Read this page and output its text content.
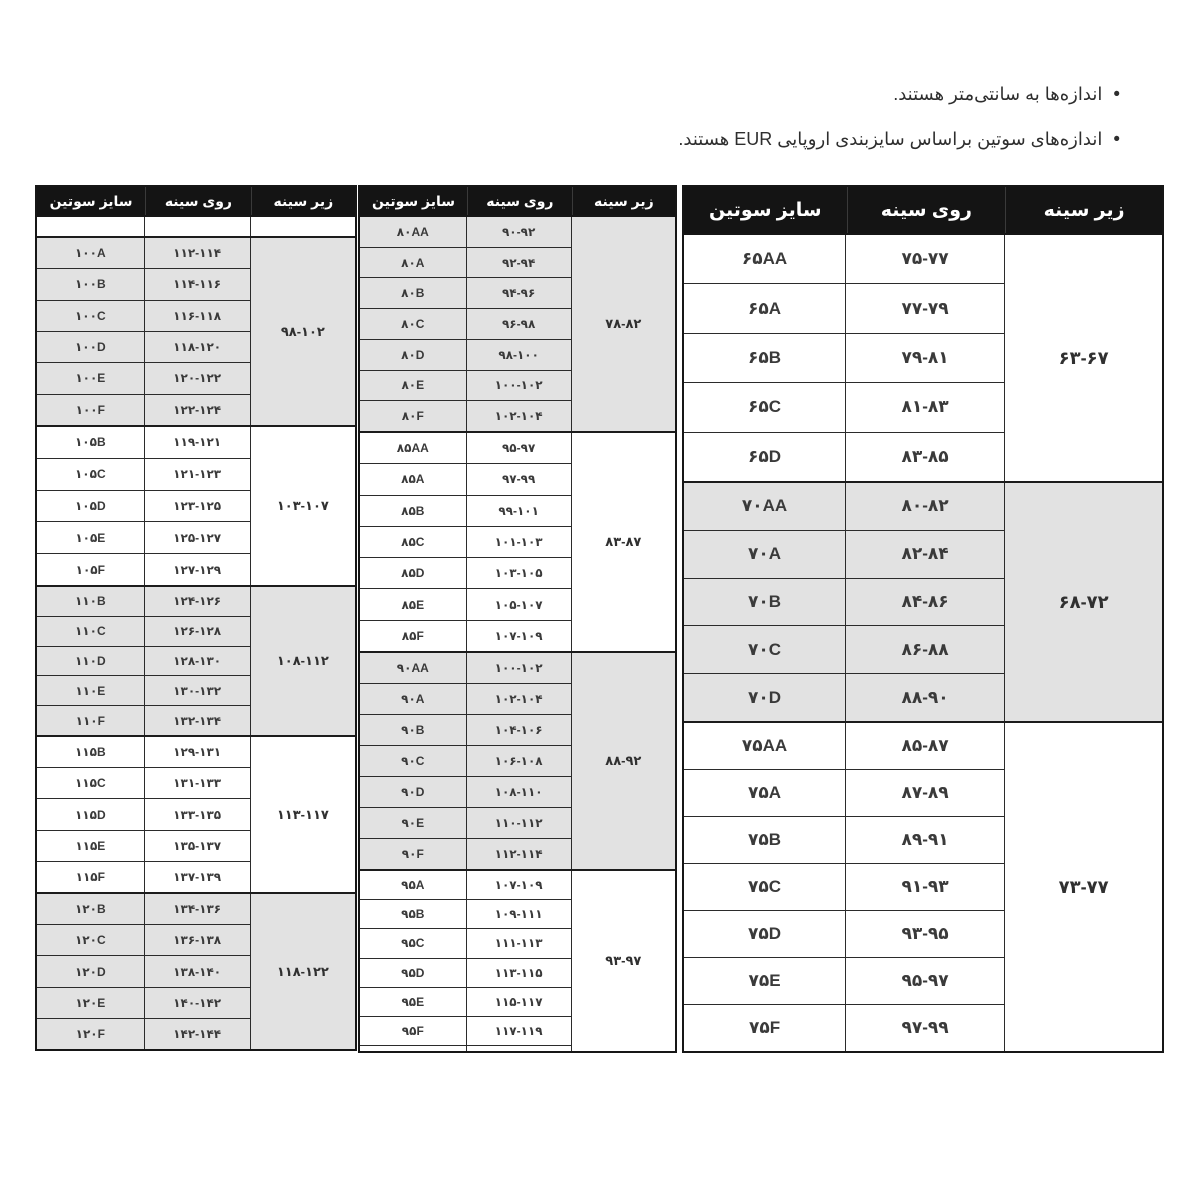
•
اندازه‌ها به سانتی‌متر هستند.
•
اندازه‌های سوتین براساس سایزبندی اروپایی EUR هستند.
سایز سوتین	روی سینه	زیر سینه
۶۵AA	۷۵-۷۷
۶۵A	۷۷-۷۹
۶۵B	۷۹-۸۱
۶۵C	۸۱-۸۳
۶۵D	۸۳-۸۵
۶۳-۶۷
۷۰AA	۸۰-۸۲
۷۰A	۸۲-۸۴
۷۰B	۸۴-۸۶
۷۰C	۸۶-۸۸
۷۰D	۸۸-۹۰
۶۸-۷۲
۷۵AA	۸۵-۸۷
۷۵A	۸۷-۸۹
۷۵B	۸۹-۹۱
۷۵C	۹۱-۹۳
۷۵D	۹۳-۹۵
۷۵E	۹۵-۹۷
۷۵F	۹۷-۹۹
۷۳-۷۷
سایز سوتین	روی سینه	زیر سینه
۸۰AA	۹۰-۹۲
۸۰A	۹۲-۹۴
۸۰B	۹۴-۹۶
۸۰C	۹۶-۹۸
۸۰D	۹۸-۱۰۰
۸۰E	۱۰۰-۱۰۲
۸۰F	۱۰۲-۱۰۴
۷۸-۸۲
۸۵AA	۹۵-۹۷
۸۵A	۹۷-۹۹
۸۵B	۹۹-۱۰۱
۸۵C	۱۰۱-۱۰۳
۸۵D	۱۰۳-۱۰۵
۸۵E	۱۰۵-۱۰۷
۸۵F	۱۰۷-۱۰۹
۸۳-۸۷
۹۰AA	۱۰۰-۱۰۲
۹۰A	۱۰۲-۱۰۴
۹۰B	۱۰۴-۱۰۶
۹۰C	۱۰۶-۱۰۸
۹۰D	۱۰۸-۱۱۰
۹۰E	۱۱۰-۱۱۲
۹۰F	۱۱۲-۱۱۴
۸۸-۹۲
۹۵A	۱۰۷-۱۰۹
۹۵B	۱۰۹-۱۱۱
۹۵C	۱۱۱-۱۱۳
۹۵D	۱۱۳-۱۱۵
۹۵E	۱۱۵-۱۱۷
۹۵F	۱۱۷-۱۱۹
۹۳-۹۷
سایز سوتین	روی سینه	زیر سینه
۱۰۰A	۱۱۲-۱۱۴
۱۰۰B	۱۱۴-۱۱۶
۱۰۰C	۱۱۶-۱۱۸
۱۰۰D	۱۱۸-۱۲۰
۱۰۰E	۱۲۰-۱۲۲
۱۰۰F	۱۲۲-۱۲۴
۹۸-۱۰۲
۱۰۵B	۱۱۹-۱۲۱
۱۰۵C	۱۲۱-۱۲۳
۱۰۵D	۱۲۳-۱۲۵
۱۰۵E	۱۲۵-۱۲۷
۱۰۵F	۱۲۷-۱۲۹
۱۰۳-۱۰۷
۱۱۰B	۱۲۴-۱۲۶
۱۱۰C	۱۲۶-۱۲۸
۱۱۰D	۱۲۸-۱۳۰
۱۱۰E	۱۳۰-۱۳۲
۱۱۰F	۱۳۲-۱۳۴
۱۰۸-۱۱۲
۱۱۵B	۱۲۹-۱۳۱
۱۱۵C	۱۳۱-۱۳۳
۱۱۵D	۱۳۳-۱۳۵
۱۱۵E	۱۳۵-۱۳۷
۱۱۵F	۱۳۷-۱۳۹
۱۱۳-۱۱۷
۱۲۰B	۱۳۴-۱۳۶
۱۲۰C	۱۳۶-۱۳۸
۱۲۰D	۱۳۸-۱۴۰
۱۲۰E	۱۴۰-۱۴۲
۱۲۰F	۱۴۲-۱۴۴
۱۱۸-۱۲۲
